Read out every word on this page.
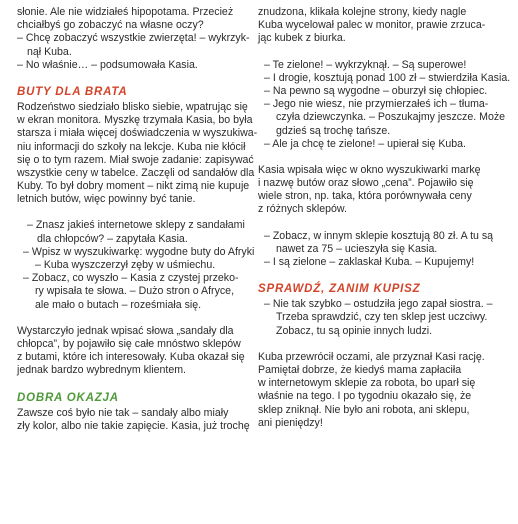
słonie. Ale nie widziałeś hipopotama. Przecież
chciałbyś go zobaczyć na własne oczy?
– Chcę zobaczyć wszystkie zwierzęta! – wykrzyk-
nął Kuba.
– No właśnie… – podsumowała Kasia.
BUTY DLA BRATA
Rodzeństwo siedziało blisko siebie, wpatrując się
w ekran monitora. Myszkę trzymała Kasia, bo była
starsza i miała więcej doświadczenia w wyszukiwa-
niu informacji do szkoły na lekcje. Kuba nie kłócił
się o to tym razem. Miał swoje zadanie: zapisywać
wszystkie ceny w tabelce. Zaczęli od sandałów dla
Kuby. To był dobry moment – nikt zimą nie kupuje
letnich butów, więc powinny być tanie.
– Znasz jakieś internetowe sklepy z sandałami
dla chłopców? – zapytała Kasia.
– Wpisz w wyszukiwarkę: wygodne buty do Afryki
– Kuba wyszczerzył zęby w uśmiechu.
– Zobacz, co wyszło – Kasia z czystej przeko-
ry wpisała te słowa. – Dużo stron o Afryce,
ale mało o butach – roześmiała się.
Wystarczyło jednak wpisać słowa „sandały dla
chłopca”, by pojawiło się całe mnóstwo sklepów
z butami, które ich interesowały. Kuba okazał się
jednak bardzo wybrednym klientem.
DOBRA OKAZJA
Zawsze coś było nie tak – sandały albo miały
zły kolor, albo nie takie zapięcie. Kasia, już trochę
znudzona, klikała kolejne strony, kiedy nagle
Kuba wycelował palec w monitor, prawie zrzuca-
jąc kubek z biurka.
– Te zielone! – wykrzyknął. – Są superowe!
– I drogie, kosztują ponad 100 zł – stwierdziła Kasia.
– Na pewno są wygodne – oburzył się chłopiec.
– Jego nie wiesz, nie przymierzałeś ich – tłuma-
czyła dziewczynka. – Poszukajmy jeszcze. Może
gdzieś są trochę tańsze.
– Ale ja chcę te zielone! – upierał się Kuba.
Kasia wpisała więc w okno wyszukiwarki markę
i nazwę butów oraz słowo „cena”. Pojawiło się
wiele stron, np. taka, która porównywała ceny
z różnych sklepów.
– Zobacz, w innym sklepie kosztują 80 zł. A tu są
nawet za 75 – ucieszyła się Kasia.
– I są zielone – zaklaskał Kuba. – Kupujemy!
SPRAWDŹ, ZANIM KUPISZ
– Nie tak szybko – ostudziła jego zapał siostra. –
Trzeba sprawdzić, czy ten sklep jest uczciwy.
Zobacz, tu są opinie innych ludzi.
Kuba przewrócił oczami, ale przyznał Kasi rację.
Pamiętał dobrze, że kiedyś mama zapłaciła
w internetowym sklepie za robota, bo uparł się
właśnie na tego. I po tygodniu okazało się, że
sklep zniknął. Nie było ani robota, ani sklepu,
ani pieniędzy!
